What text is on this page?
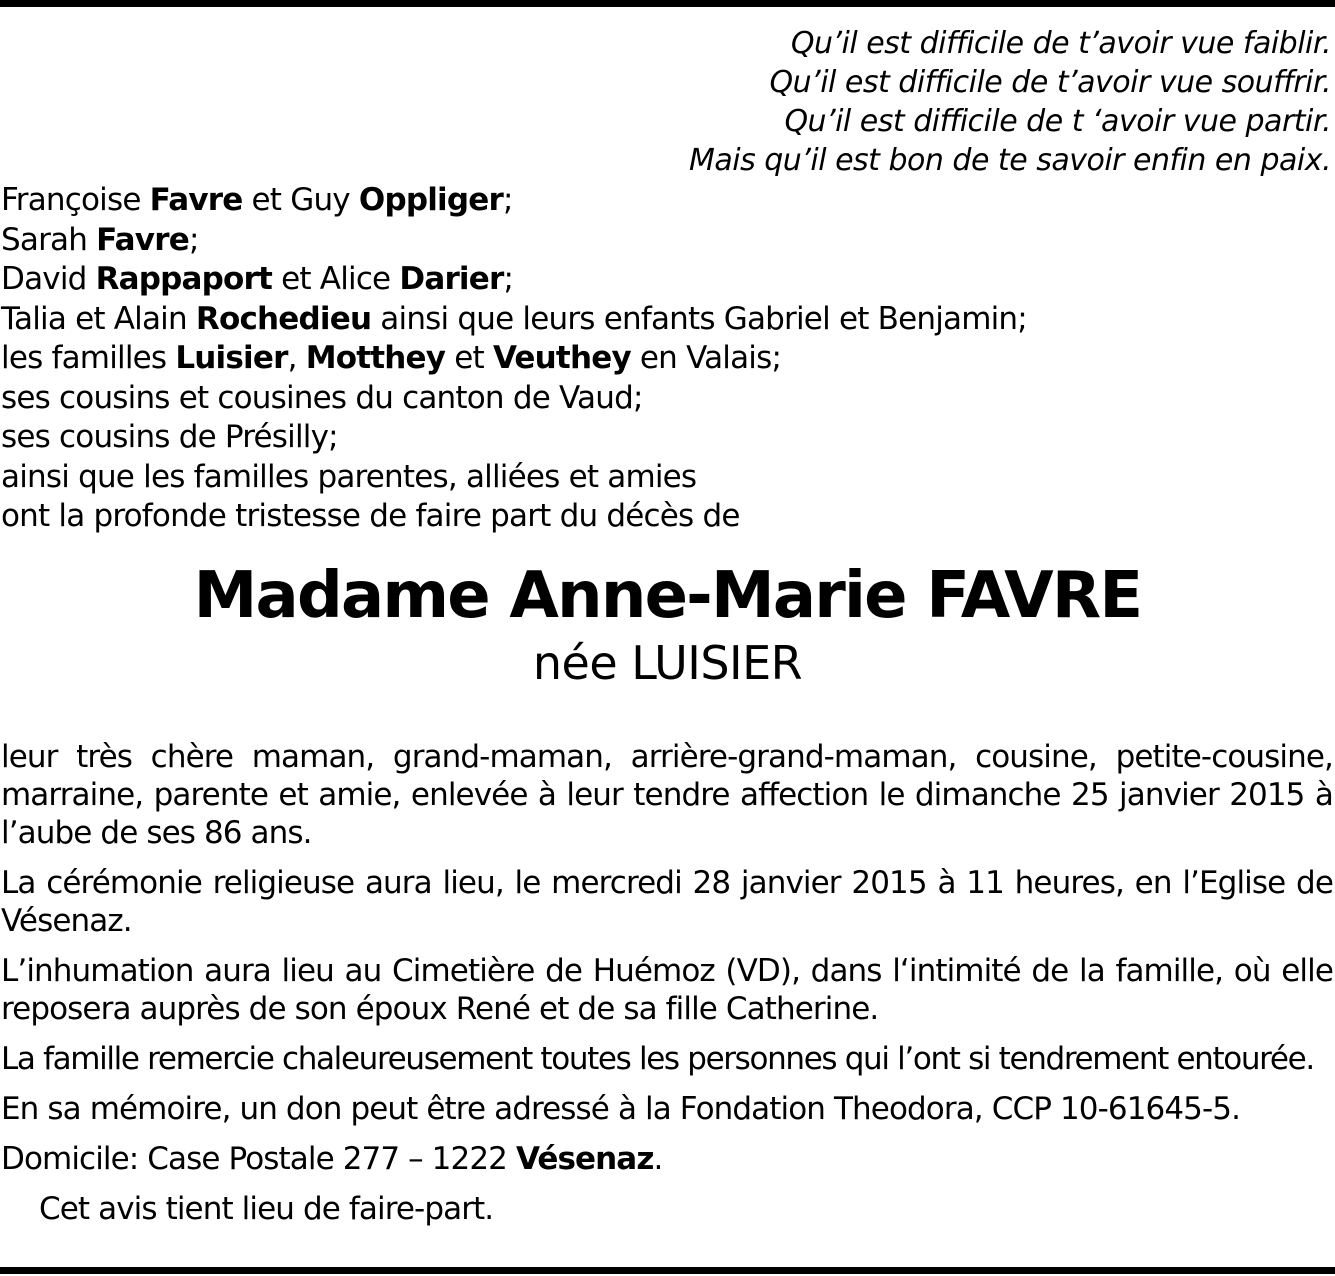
Qu’il est difficile de t’avoir vue faiblir.
Qu’il est difficile de t’avoir vue souffrir.
Qu’il est difficile de t ‘avoir vue partir.
Mais qu’il est bon de te savoir enfin en paix.
Françoise Favre et Guy Oppliger;
Sarah Favre;
David Rappaport et Alice Darier;
Talia et Alain Rochedieu ainsi que leurs enfants Gabriel et Benjamin;
les familles Luisier, Motthey et Veuthey en Valais;
ses cousins et cousines du canton de Vaud;
ses cousins de Présilly;
ainsi que les familles parentes, alliées et amies
ont la profonde tristesse de faire part du décès de

Madame Anne-Marie FAVRE

née LUISIER

leur très chère maman, grand-maman, arrière-grand-maman, cousine, petite-cousine, marraine, parente et amie, enlevée à leur tendre affection le dimanche 25 janvier 2015 à l’aube de ses 86 ans.

La cérémonie religieuse aura lieu, le mercredi 28 janvier 2015 à 11 heures, en l’Eglise de Vésenaz.

L’inhumation aura lieu au Cimetière de Huémoz (VD), dans l‘intimité de la famille, où elle reposera auprès de son époux René et de sa fille Catherine.

La famille remercie chaleureusement toutes les personnes qui l’ont si tendrement entourée.

En sa mémoire, un don peut être adressé à la Fondation Theodora, CCP 10-61645-5.

Domicile: Case Postale 277 – 1222 Vésenaz.

Cet avis tient lieu de faire-part.
